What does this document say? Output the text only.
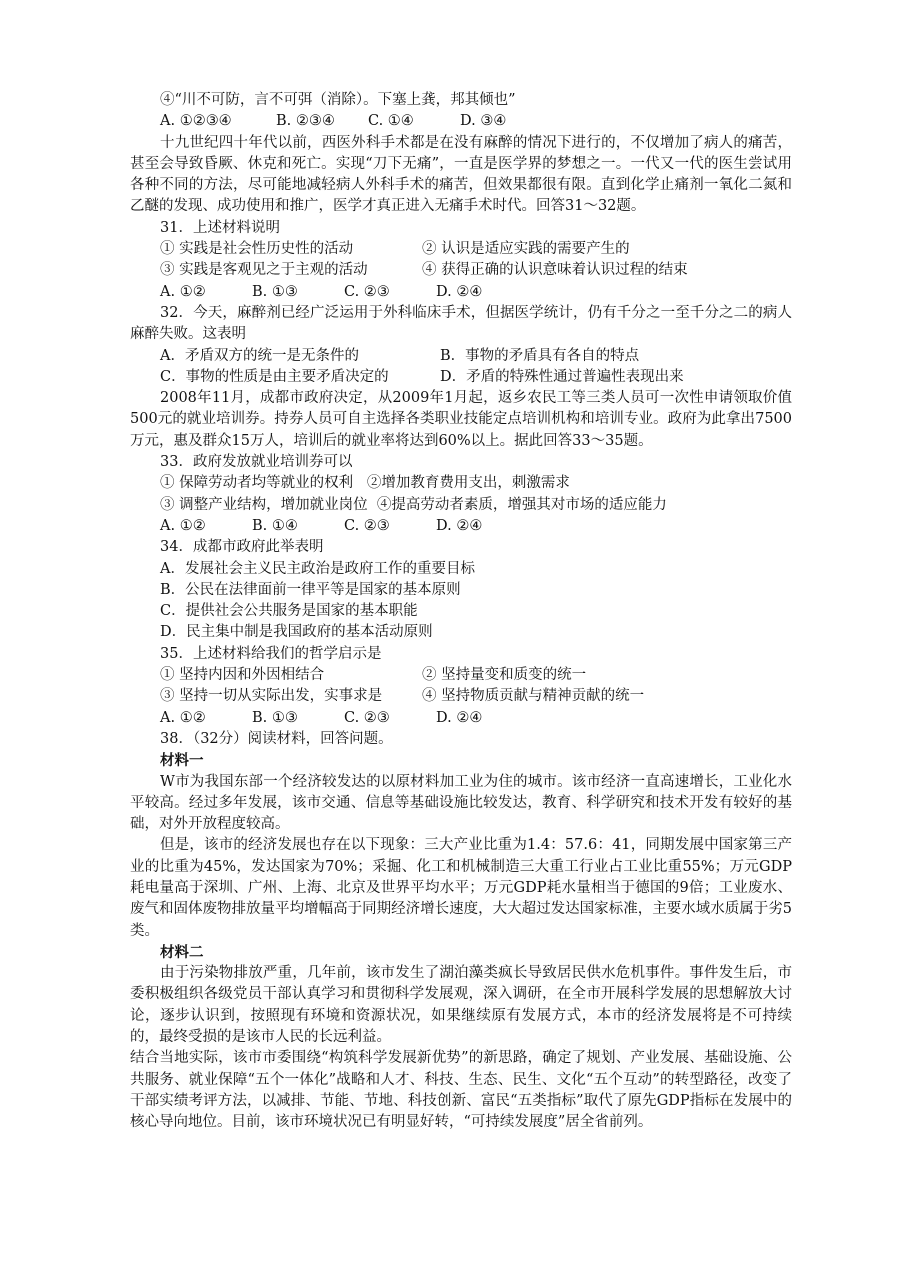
④“川不可防，言不可弭（消除）。下塞上龚，邦其倾也”
A. ①②③④	B. ②③④	C. ①④	D. ③④
十九世纪四十年代以前，西医外科手术都是在没有麻醉的情况下进行的，不仅增加了病人的痛苦，甚至会导致昏厥、休克和死亡。实现“刀下无痛”，一直是医学界的梦想之一。一代又一代的医生尝试用各种不同的方法，尽可能地减轻病人外科手术的痛苦，但效果都很有限。直到化学止痛剂一氧化二氮和乙醚的发现、成功使用和推广，医学才真正进入无痛手术时代。回答31～32题。
31．上述材料说明
① 实践是社会性历史性的活动	② 认识是适应实践的需要产生的
③ 实践是客观见之于主观的活动	④ 获得正确的认识意味着认识过程的结束
A. ①②	B. ①③	C. ②③	D. ②④
32．今天，麻醉剂已经广泛运用于外科临床手术，但据医学统计，仍有千分之一至千分之二的病人麻醉失败。这表明
A．矛盾双方的统一是无条件的	B．事物的矛盾具有各自的特点
C．事物的性质是由主要矛盾决定的	D．矛盾的特殊性通过普遍性表现出来
2008年11月，成都市政府决定，从2009年1月起，返乡农民工等三类人员可一次性申请领取价值500元的就业培训券。持券人员可自主选择各类职业技能定点培训机构和培训专业。政府为此拿出7500万元，惠及群众15万人，培训后的就业率将达到60%以上。据此回答33～35题。
33．政府发放就业培训券可以
① 保障劳动者均等就业的权利   ②增加教育费用支出，刺激需求
③ 调整产业结构，增加就业岗位  ④提高劳动者素质，增强其对市场的适应能力
A. ①②	B. ①④	C. ②③	D. ②④
34．成都市政府此举表明
A．发展社会主义民主政治是政府工作的重要目标
B．公民在法律面前一律平等是国家的基本原则
C．提供社会公共服务是国家的基本职能
D．民主集中制是我国政府的基本活动原则
35．上述材料给我们的哲学启示是
① 坚持内因和外因相结合	② 坚持量变和质变的统一
③ 坚持一切从实际出发，实事求是	④ 坚持物质贡献与精神贡献的统一
A. ①②	B. ①③	C. ②③	D. ②④
38．（32分）阅读材料，回答问题。
材料一
W市为我国东部一个经济较发达的以原材料加工业为住的城市。该市经济一直高速增长，工业化水平较高。经过多年发展，该市交通、信息等基础设施比较发达，教育、科学研究和技术开发有较好的基础，对外开放程度较高。
但是，该市的经济发展也存在以下现象：三大产业比重为1.4：57.6：41，同期发展中国家第三产业的比重为45%，发达国家为70%；采掘、化工和机械制造三大重工行业占工业比重55%；万元GDP耗电量高于深圳、广州、上海、北京及世界平均水平；万元GDP耗水量相当于德国的9倍；工业废水、废气和固体废物排放量平均增幅高于同期经济增长速度，大大超过发达国家标准，主要水域水质属于劣5类。
材料二
由于污染物排放严重，几年前，该市发生了湖泊藻类疯长导致居民供水危机事件。事件发生后，市委积极组织各级党员干部认真学习和贯彻科学发展观，深入调研，在全市开展科学发展的思想解放大讨论，逐步认识到，按照现有环境和资源状况，如果继续原有发展方式，本市的经济发展将是不可持续的，最终受损的是该市人民的长远利益。
结合当地实际，该市市委围绕“构筑科学发展新优势”的新思路，确定了规划、产业发展、基础设施、公共服务、就业保障“五个一体化”战略和人才、科技、生态、民生、文化“五个互动”的转型路径，改变了干部实绩考评方法，以减排、节能、节地、科技创新、富民“五类指标”取代了原先GDP指标在发展中的核心导向地位。目前，该市环境状况已有明显好转，“可持续发展度”居全省前列。
